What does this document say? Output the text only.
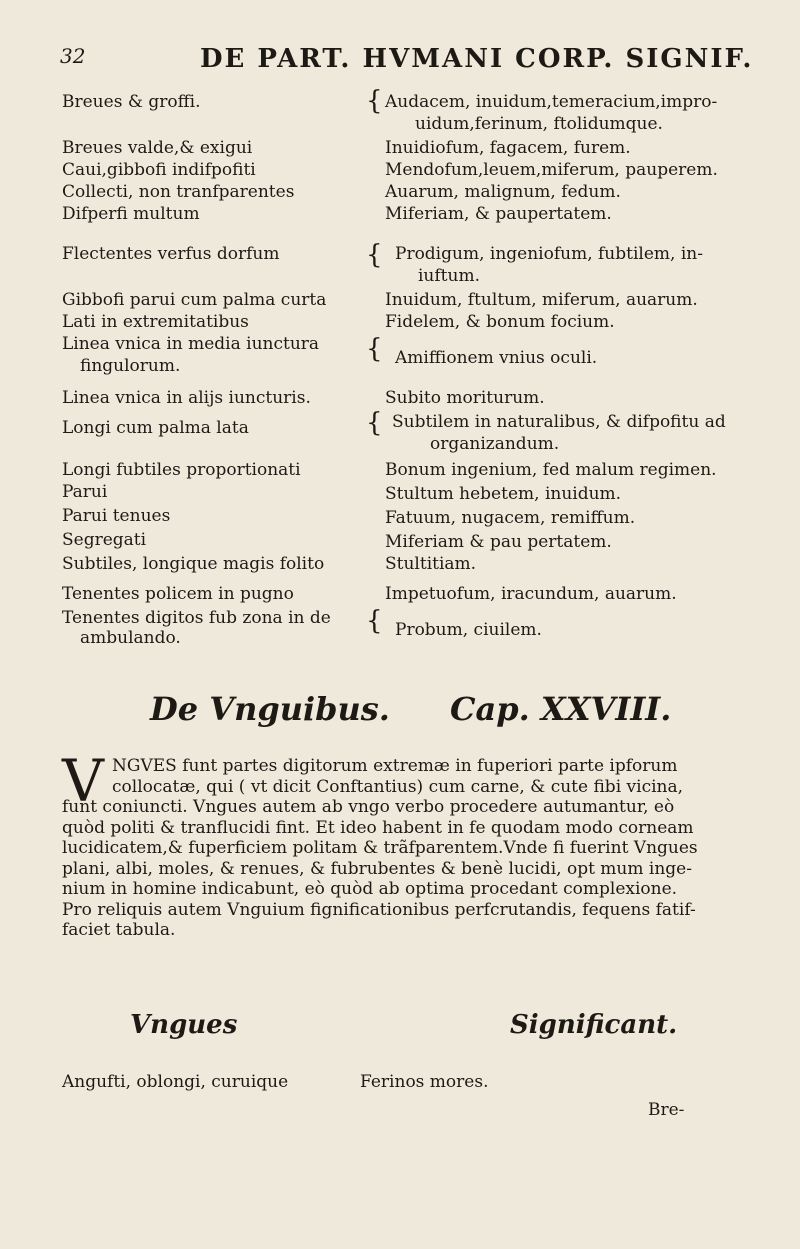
32	DE PART. HVMANI CORP. SIGNIF.
Breues & groffi.	Audacem, inuidum,temeracium,impro-
uidum,ferinum, ftolidumque.
Breues valde,& exigui	Inuidiofum, fagacem, furem.
Caui,gibbofi indifpofiti	Mendofum,leuem,miferum, pauperem.
Collecti, non tranfparentes	Auarum, malignum, fedum.
Difperfi multum	Miferiam, & paupertatem.
Flectentes verfus dorfum	Prodigum, ingeniofum, fubtilem, in-
iuftum.
Gibbofi parui cum palma curta	Inuidum, ftultum, miferum, auarum.
Lati in extremitatibus	Fidelem, & bonum focium.
Linea vnica in media iunctura
fingulorum.	Amiffionem vnius oculi.
Linea vnica in alijs iuncturis.	Subito moriturum.
Longi cum palma lata	Subtilem in naturalibus, & difpofitu ad
organizandum.
Longi fubtiles proportionati	Bonum ingenium, fed malum regimen.
Parui	Stultum hebetem, inuidum.
Parui tenues	Fatuum, nugacem, remiffum.
Segregati	Miferiam & pau pertatem.
Subtiles, longique magis folito	Stultitiam.
Tenentes policem in pugno	Impetuofum, iracundum, auarum.
Tenentes digitos fub zona in de
ambulando.	Probum, ciuilem.
{
{
{
{
{
De Vnguibus. Cap. XXVIII.
V NGVES funt partes digitorum extremæ in fuperiori parte ipforum
collocatæ, qui ( vt dicit Conftantius) cum carne, & cute fibi vicina,
funt coniuncti. Vngues autem ab vngo verbo procedere autumantur, eò
quòd politi & tranflucidi fint. Et ideo habent in fe quodam modo corneam
lucidicatem,& fuperficiem politam & trãfparentem.Vnde fi fuerint Vngues
plani, albi, moles, & renues, & fubrubentes & benè lucidi, opt mum inge-
nium in homine indicabunt, eò quòd ab optima procedant complexione.
Pro reliquis autem Vnguium fignificationibus perfcrutandis, fequens fatif-
faciet tabula.
Vngues	Significant.
Angufti, oblongi, curuique	Ferinos mores.
Bre-
